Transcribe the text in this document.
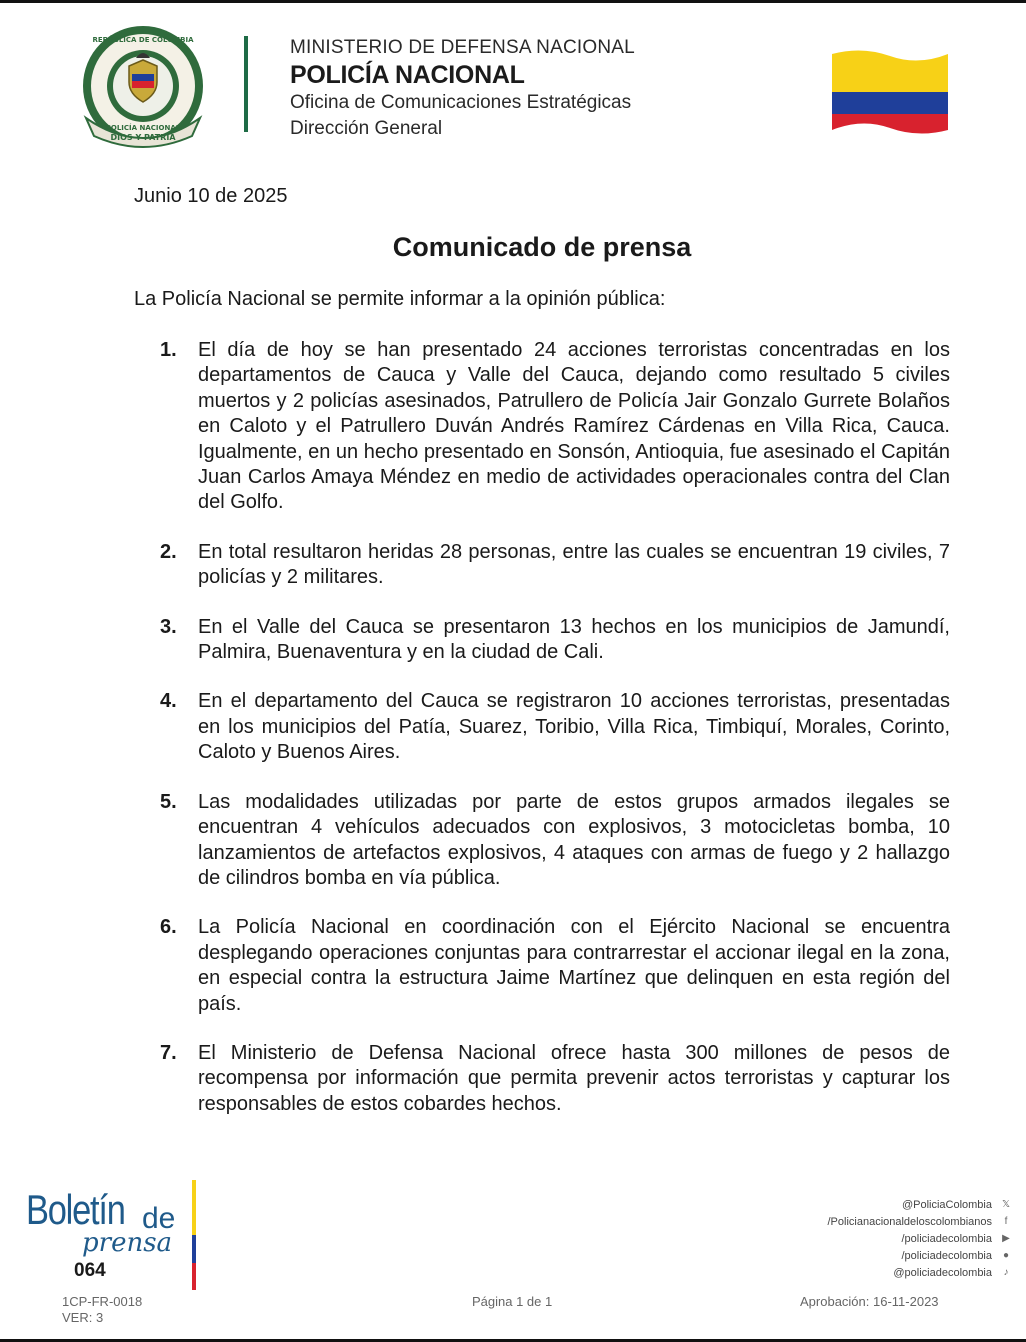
DIOS Y PATRIA
REPÚBLICA DE COLOMBIA
POLICÍA NACIONAL
MINISTERIO DE DEFENSA NACIONAL
POLICÍA NACIONAL
Oficina de Comunicaciones Estratégicas
Dirección General
Junio 10 de 2025
Comunicado de prensa
La Policía Nacional se permite informar a la opinión pública:
1.	El día de hoy se han presentado 24 acciones terroristas concentradas en los departamentos de Cauca y Valle del Cauca, dejando como resultado 5 civiles muertos y 2 policías asesinados, Patrullero de Policía Jair Gonzalo Gurrete Bolaños en Caloto y el Patrullero Duván Andrés Ramírez Cárdenas en Villa Rica, Cauca. Igualmente, en un hecho presentado en Sonsón, Antioquia, fue asesinado el Capitán Juan Carlos Amaya Méndez en medio de actividades operacionales contra del Clan del Golfo.
2.	En total resultaron heridas 28 personas, entre las cuales se encuentran 19 civiles, 7 policías y 2 militares.
3.	En el Valle del Cauca se presentaron 13 hechos en los municipios de Jamundí, Palmira, Buenaventura y en la ciudad de Cali.
4.	En el departamento del Cauca se registraron 10 acciones terroristas, presentadas en los municipios del Patía, Suarez, Toribio, Villa Rica, Timbiquí, Morales, Corinto, Caloto y Buenos Aires.
5.	Las modalidades utilizadas por parte de estos grupos armados ilegales se encuentran 4 vehículos adecuados con explosivos, 3 motocicletas bomba, 10 lanzamientos de artefactos explosivos, 4 ataques con armas de fuego y 2 hallazgo de cilindros bomba en vía pública.
6.	La Policía Nacional en coordinación con el Ejército Nacional se encuentra desplegando operaciones conjuntas para contrarrestar el accionar ilegal en la zona, en especial contra la estructura Jaime Martínez que delinquen en esta región del país.
7.	El Ministerio de Defensa Nacional ofrece hasta 300 millones de pesos de recompensa por información que permita prevenir actos terroristas y capturar los responsables de estos cobardes hechos.
Boletín de
prensa
064
@PoliciaColombia 𝕏
/Policianacionaldeloscolombianos	f
/policiadecolombia ▶
/policiadecolombia ●
@policiadecolombia	♪
1CP-FR-0018
VER: 3
Página 1 de 1	Aprobación: 16-11-2023
